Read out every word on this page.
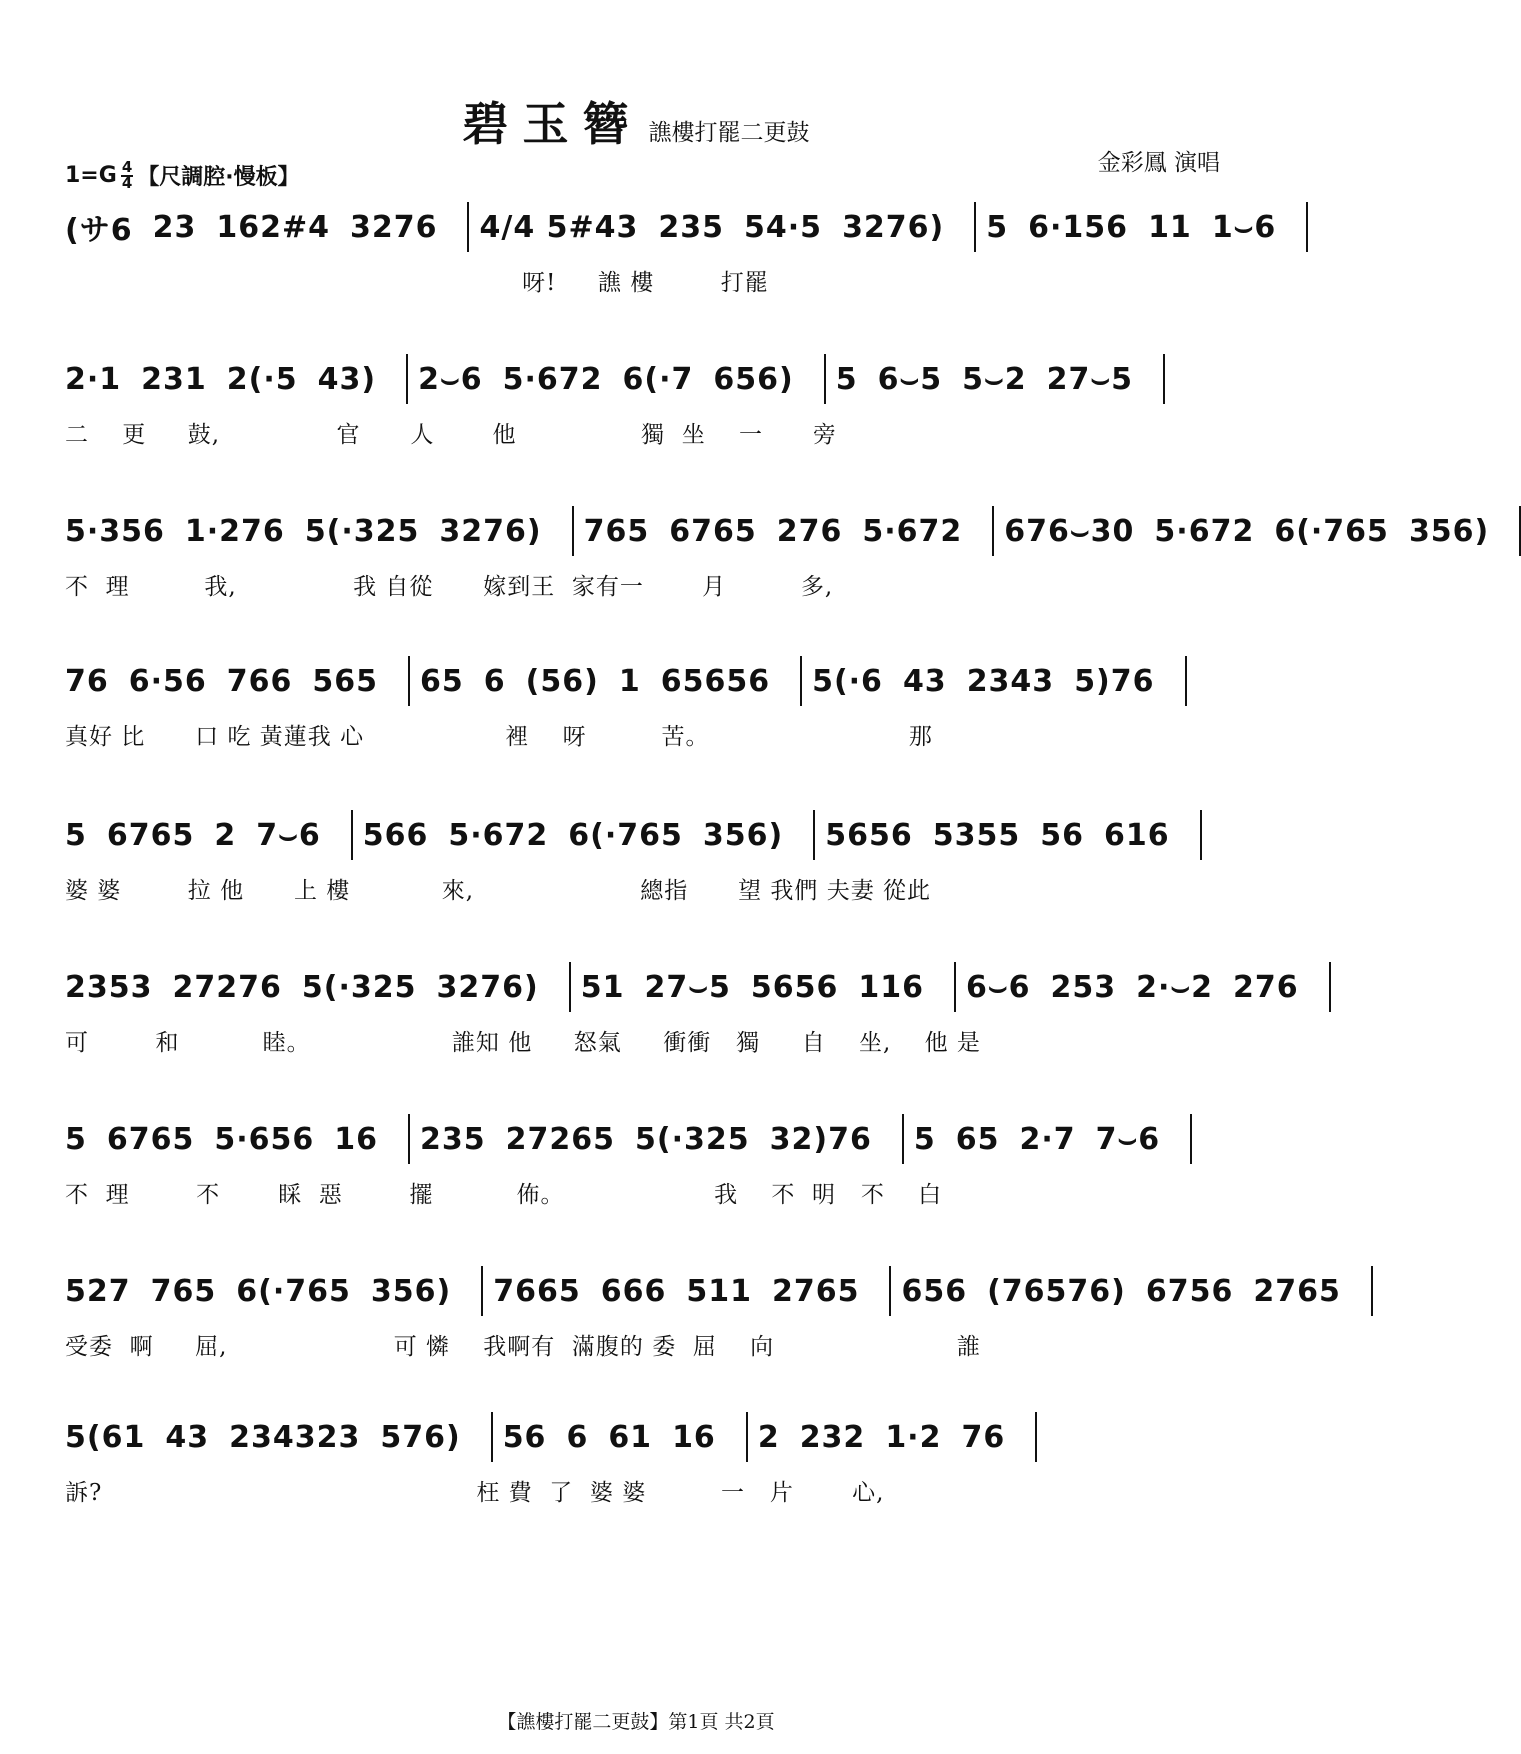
碧玉簪 譙樓打罷二更鼓
金彩鳳 演唱
$1=G \frac{4}{4}$ 【尺調腔·慢板】
(サ6 23 162#4 3276 4/4 5#43 235 54·5 3276) 5 6·156 11 1⌣6
呀!     譙 樓        打罷
2·1 231 2(·5 43) 2⌣6 5·672 6(·7 656) 5 6⌣5 5⌣2 27⌣5
二    更     鼓,              官      人       他               獨  坐    一      旁
5·356 1·276 5(·325 3276) 765 6765 276 5·672 676⌣30 5·672 6(·765 356)
不  理         我,              我 自從      嫁到王  家有一       月         多,
76 6·56 766 565 65 6 (56) 1 65656 5(·6 43 2343 5)76
真好 比      口 吃 黃蓮我 心                 裡    呀         苦。                        那
5 6765 2 7⌣6 566 5·672 6(·765 356) 5656 5355 56 616
婆 婆        拉 他      上 樓           來,                    總指      望 我們 夫妻 從此
2353 27276 5(·325 3276) 51 27⌣5 5656 116 6⌣6 253 2·⌣2 276
可        和          睦。                 誰知 他     怒氣     衝衝   獨     自    坐,    他 是
5 6765 5·656 16 235 27265 5(·325 32)76 5 65 2·7 7⌣6
不  理        不       睬  惡        擺          佈。                  我    不  明   不    白
527 765 6(·765 356) 7665 666 511 2765 656 (76576) 6756 2765
受委  啊     屈,                    可 憐    我啊有  滿腹的 委  屈    向                      誰
5(61 43 234323 576) 56 6 61 16 2 232 1·2 76
訴?                                             枉 費  了  婆 婆         一   片       心,
【譙樓打罷二更鼓】第1頁 共2頁
